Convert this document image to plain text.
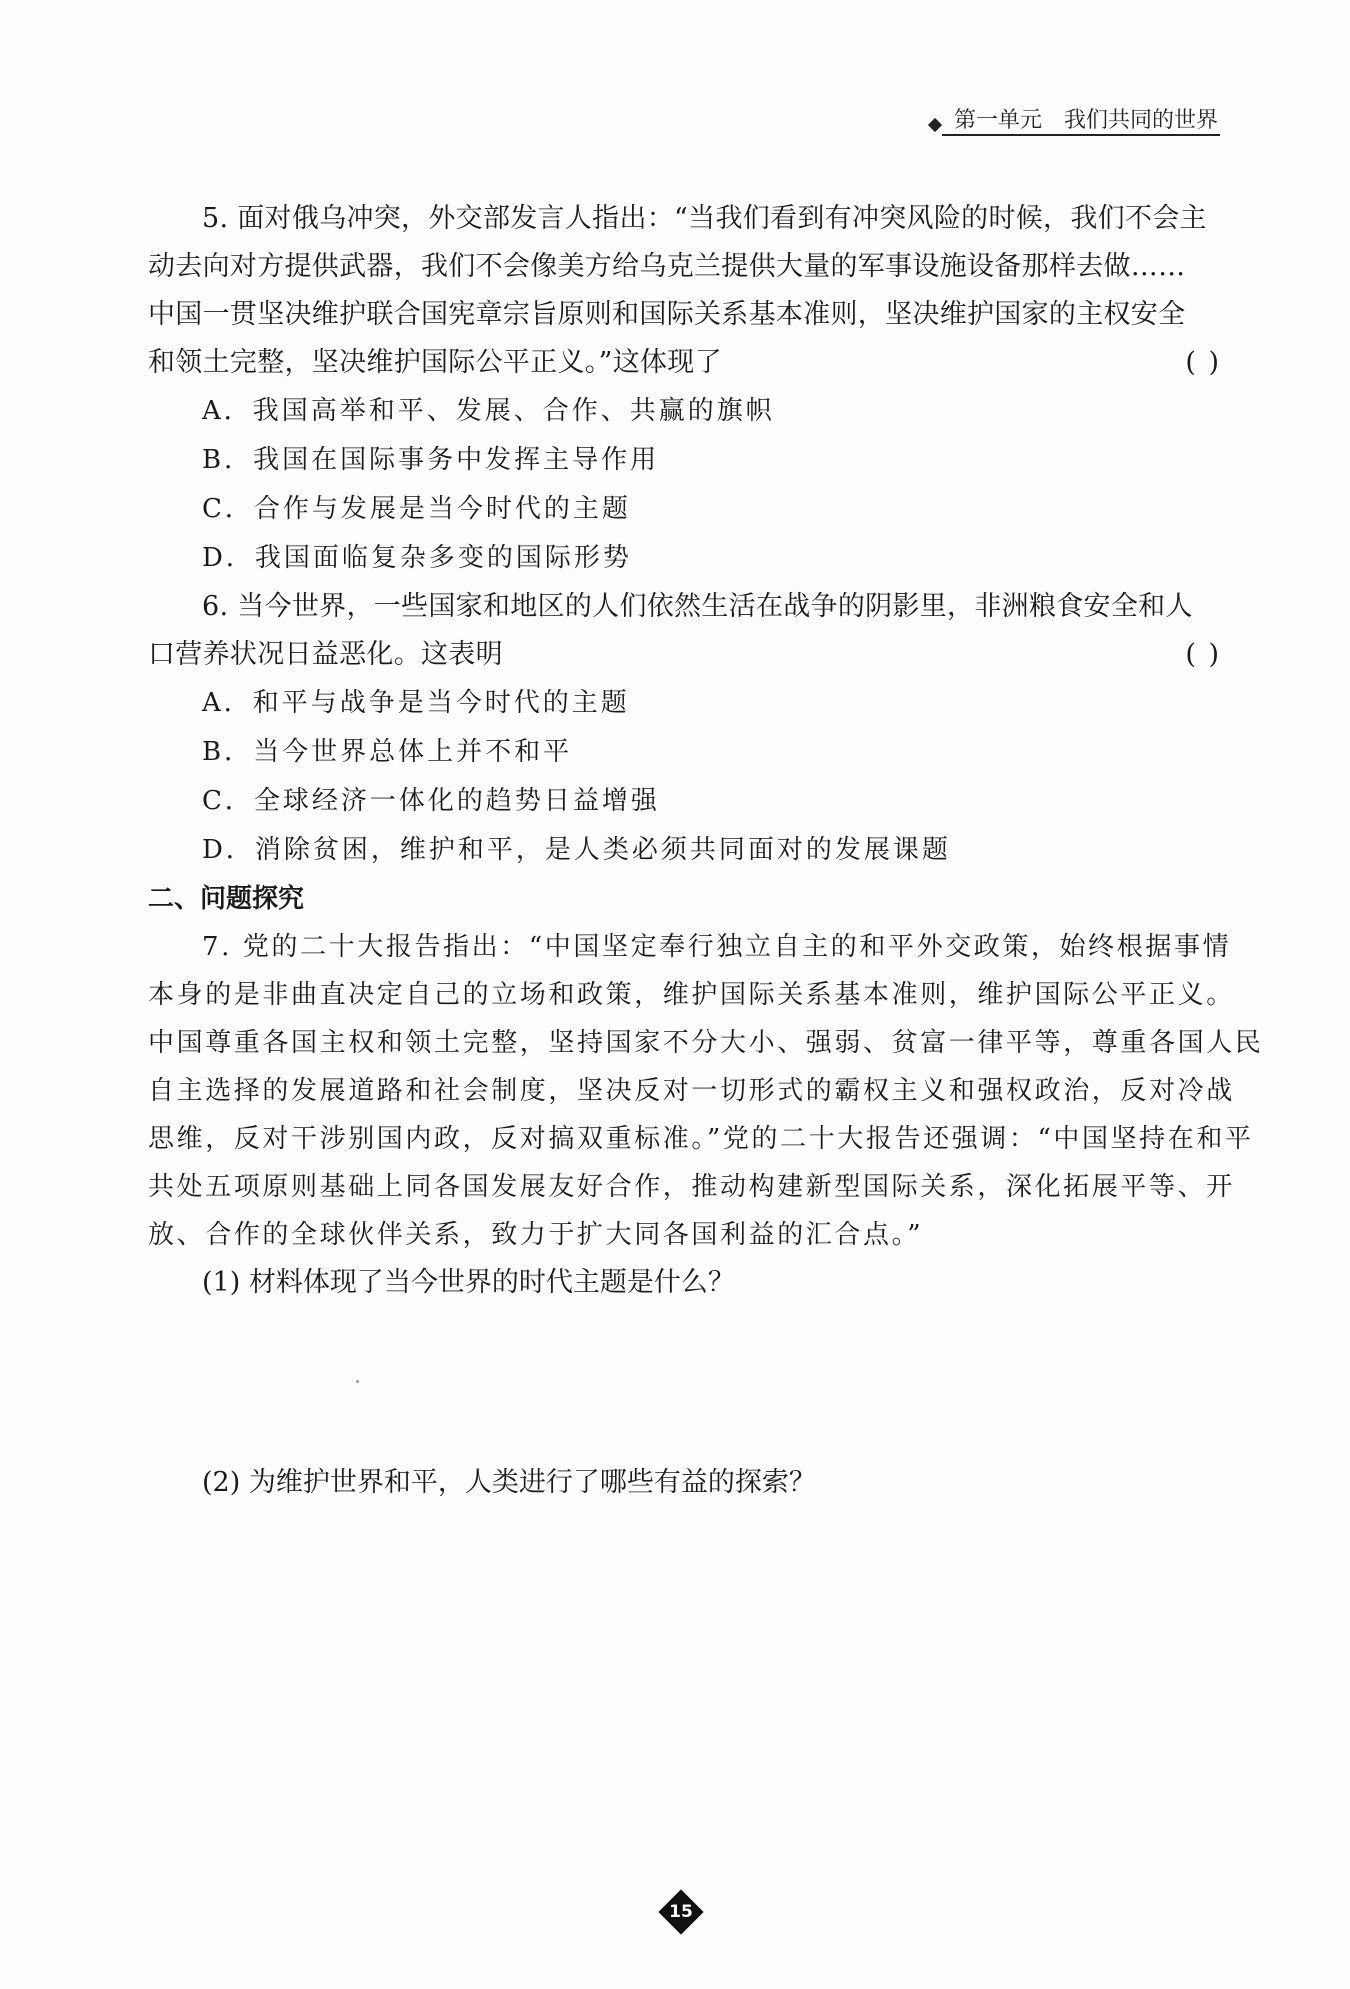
第一单元 我们共同的世界
5. 面对俄乌冲突，外交部发言人指出：“当我们看到有冲突风险的时候，我们不会主
动去向对方提供武器，我们不会像美方给乌克兰提供大量的军事设施设备那样去做……
中国一贯坚决维护联合国宪章宗旨原则和国际关系基本准则，坚决维护国家的主权安全
和领土完整，坚决维护国际公平正义。”这体现了	( )
A．我国高举和平、发展、合作、共赢的旗帜
B．我国在国际事务中发挥主导作用
C．合作与发展是当今时代的主题
D．我国面临复杂多变的国际形势
6. 当今世界，一些国家和地区的人们依然生活在战争的阴影里，非洲粮食安全和人
口营养状况日益恶化。这表明	( )
A．和平与战争是当今时代的主题
B．当今世界总体上并不和平
C．全球经济一体化的趋势日益增强
D．消除贫困，维护和平，是人类必须共同面对的发展课题
二、问题探究
7. 党的二十大报告指出：“中国坚定奉行独立自主的和平外交政策，始终根据事情
本身的是非曲直决定自己的立场和政策，维护国际关系基本准则，维护国际公平正义。
中国尊重各国主权和领土完整，坚持国家不分大小、强弱、贫富一律平等，尊重各国人民
自主选择的发展道路和社会制度，坚决反对一切形式的霸权主义和强权政治，反对冷战
思维，反对干涉别国内政，反对搞双重标准。”党的二十大报告还强调：“中国坚持在和平
共处五项原则基础上同各国发展友好合作，推动构建新型国际关系，深化拓展平等、开
放、合作的全球伙伴关系，致力于扩大同各国利益的汇合点。”
(1) 材料体现了当今世界的时代主题是什么？
(2) 为维护世界和平，人类进行了哪些有益的探索？
15
